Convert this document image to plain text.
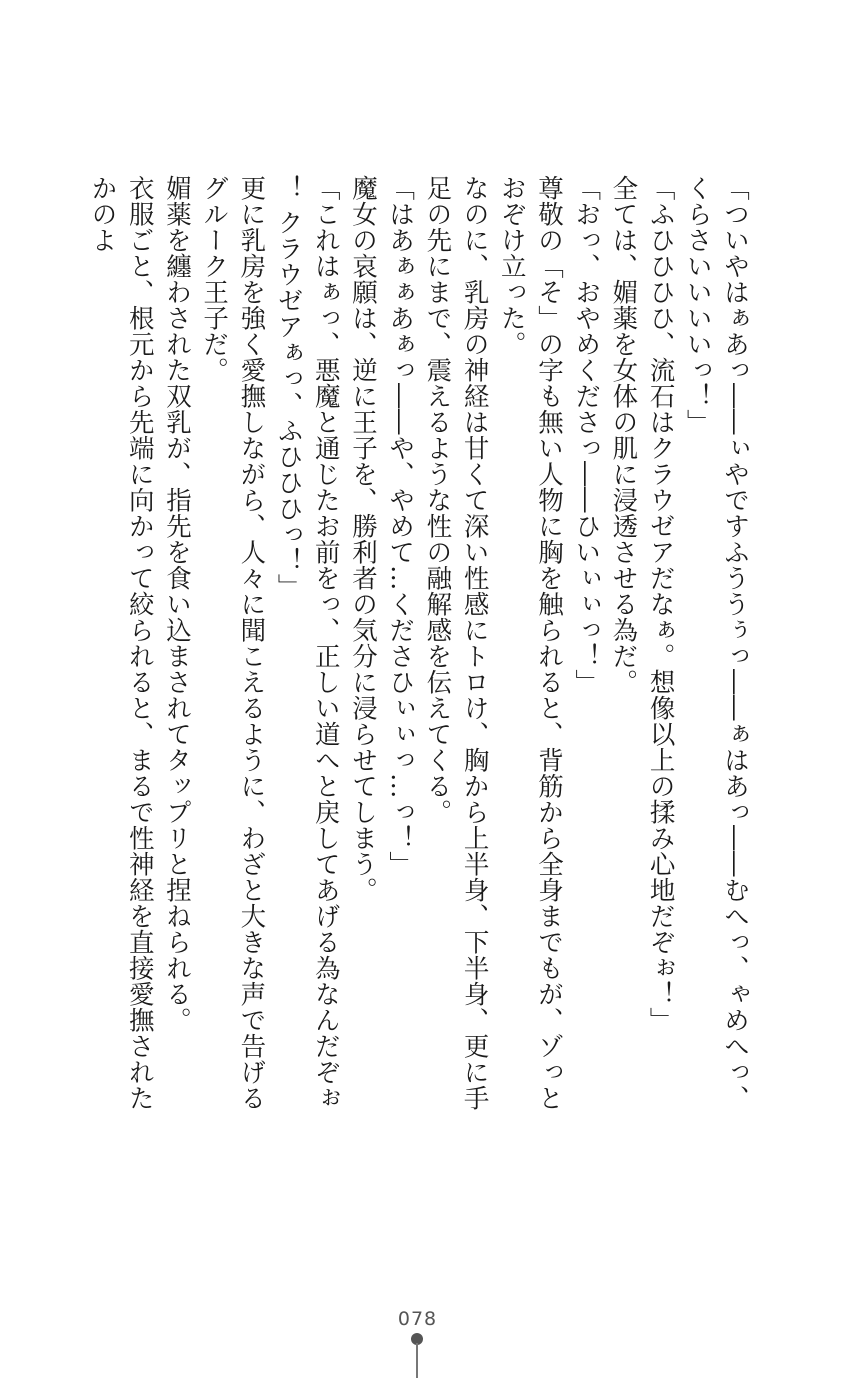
「ついやはぁあっ――ぃやですふううぅっ――ぁはあっ――むへっ、ゃめへっ、くらさいいいいっ！」

「ふひひひひ、流石はクラウゼアだなぁ。想像以上の揉み心地だぞぉ！」

全ては、媚薬を女体の肌に浸透させる為だ。

「おっ、おやめくださっ――ひいぃぃっ！」

尊敬の「そ」の字も無い人物に胸を触られると、背筋から全身までもが、ゾっとおぞけ立った。

なのに、乳房の神経は甘くて深い性感にトロけ、胸から上半身、下半身、更に手足の先にまで、震えるような性の融解感を伝えてくる。

「はあぁぁあぁっ――や、やめて…くださひぃぃっ…っ！」

魔女の哀願は、逆に王子を、勝利者の気分に浸らせてしまう。

「これはぁっ、悪魔と通じたお前をっ、正しい道へと戻してあげる為なんだぞぉ！ クラウゼアぁっ、ふひひひっ！」

更に乳房を強く愛撫しながら、人々に聞こえるように、わざと大きな声で告げるグルーク王子だ。

媚薬を纏わされた双乳が、指先を食い込まされてタップリと捏ねられる。

衣服ごと、根元から先端に向かって絞られると、まるで性神経を直接愛撫されたかのよ

078
